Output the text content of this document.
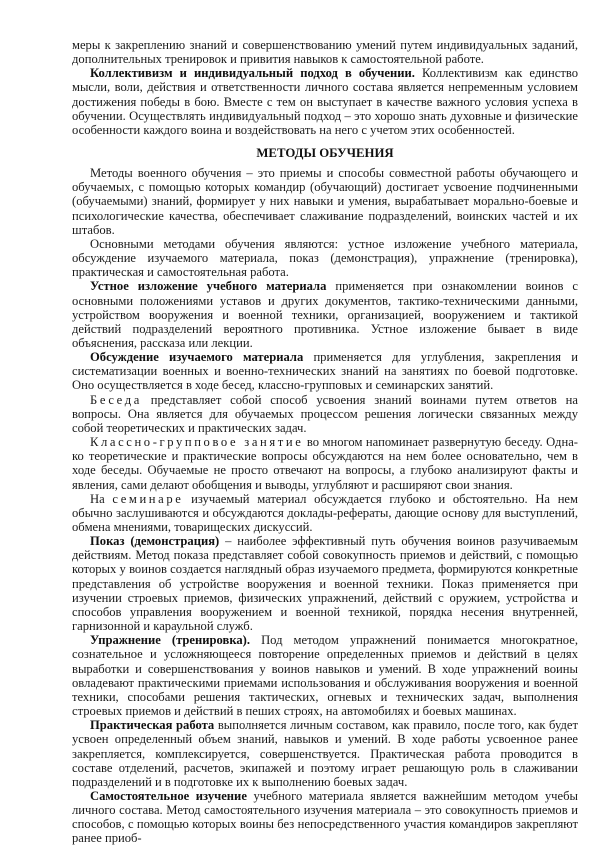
меры к закреплению знаний и совершенствованию умений путем индивидуальных заданий, дополнительных тренировок и привития навыков к самостоятельной работе.

Коллективизм и индивидуальный подход в обучении. Коллективизм как единство мысли, воли, действия и ответственности личного состава является непременным условием достижения победы в бою. Вместе с тем он выступает в качестве важного условия успеха в обучении. Осуществлять индивидуальный подход – это хорошо знать духовные и физические особенности каждого воина и воздействовать на него с учетом этих особенностей.

МЕТОДЫ ОБУЧЕНИЯ

Методы военного обучения – это приемы и способы совместной работы обучающего и обучаемых, с помощью которых командир (обучающий) достигает усвоение подчиненными (обучаемыми) знаний, формирует у них навыки и умения, вырабатывает морально-боевые и психологические качества, обеспечивает слаживание подразделений, воинских частей и их штабов.

Основными методами обучения являются: устное изложение учебного материала, обсуждение изучаемого материала, показ (демонстрация), упражнение (тренировка), практическая и самостоятельная работа.

Устное изложение учебного материала применяется при ознакомлении воинов с основными положениями уставов и других документов, тактико-техническими данными, устройством вооружения и военной техники, организацией, вооружением и тактикой действий подразделений вероятного противника. Устное изложение бывает в виде объяснения, рассказа или лекции.

Обсуждение изучаемого материала применяется для углубления, закрепления и систематизации военных и военно-технических знаний на занятиях по боевой подготовке. Оно осуществляется в ходе бесед, классно-групповых и семинарских занятий.

Беседа представляет собой способ усвоения знаний воинами путем ответов на вопросы. Она является для обучаемых процессом решения логически связанных между собой теоретических и практических задач.

Классно-групповое занятие во многом напоминает развернутую беседу. Однако теоретические и практические вопросы обсуждаются на нем более основательно, чем в ходе беседы. Обучаемые не просто отвечают на вопросы, а глубоко анализируют факты и явления, сами делают обобщения и выводы, углубляют и расширяют свои знания.

На семинаре изучаемый материал обсуждается глубоко и обстоятельно. На нем обычно заслушиваются и обсуждаются доклады-рефераты, дающие основу для выступлений, обмена мнениями, товарищеских дискуссий.

Показ (демонстрация) – наиболее эффективный путь обучения воинов разучиваемым действиям. Метод показа представляет собой совокупность приемов и действий, с помощью которых у воинов создается наглядный образ изучаемого предмета, формируются конкретные представления об устройстве вооружения и военной техники. Показ применяется при изучении строевых приемов, физических упражнений, действий с оружием, устройства и способов управления вооружением и военной техникой, порядка несения внутренней, гарнизонной и караульной служб.

Упражнение (тренировка). Под методом упражнений понимается многократное, сознательное и усложняющееся повторение определенных приемов и действий в целях выработки и совершенствования у воинов навыков и умений. В ходе упражнений воины овладевают практическими приемами использования и обслуживания вооружения и военной техники, способами решения тактических, огневых и технических задач, выполнения строевых приемов и действий в пеших строях, на автомобилях и боевых машинах.

Практическая работа выполняется личным составом, как правило, после того, как будет усвоен определенный объем знаний, навыков и умений. В ходе работы усвоенное ранее закрепляется, комплексируется, совершенствуется. Практическая работа проводится в составе отделений, расчетов, экипажей и поэтому играет решающую роль в слаживании подразделений и в подготовке их к выполнению боевых задач.

Самостоятельное изучение учебного материала является важнейшим методом учебы личного состава. Метод самостоятельного изучения материала – это совокупность приемов и способов, с помощью которых воины без непосредственного участия командиров закрепляют ранее приоб-
